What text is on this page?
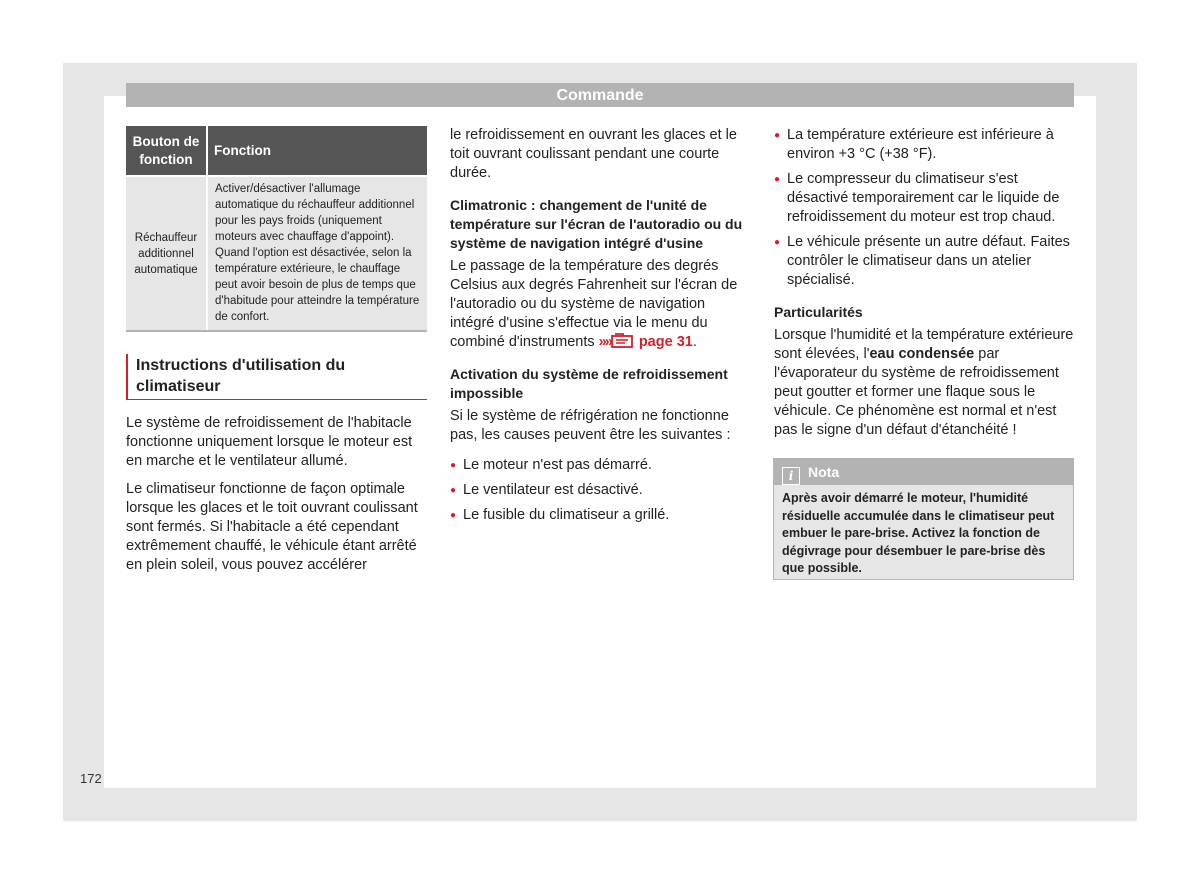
Commande
Bouton de fonction	Fonction
Réchauffeur additionnel automatique	Activer/désactiver l'allumage automatique du réchauffeur additionnel pour les pays froids (uniquement moteurs avec chauffage d'appoint). Quand l'option est désactivée, selon la température extérieure, le chauffage peut avoir besoin de plus de temps que d'habitude pour atteindre la température de confort.
Instructions d'utilisation du climatiseur

Le système de refroidissement de l'habitacle fonctionne uniquement lorsque le moteur est en marche et le ventilateur allumé.

Le climatiseur fonctionne de façon optimale lorsque les glaces et le toit ouvrant coulissant sont fermés. Si l'habitacle a été cependant extrêmement chauffé, le véhicule étant arrêté en plein soleil, vous pouvez accélérer

le refroidissement en ouvrant les glaces et le toit ouvrant coulissant pendant une courte durée.

Climatronic : changement de l'unité de température sur l'écran de l'autoradio ou du système de navigation intégré d'usine

Le passage de la température des degrés Celsius aux degrés Fahrenheit sur l'écran de l'autoradio ou du système de navigation intégré d'usine s'effectue via le menu du combiné d'instruments »» page 31.

Activation du système de refroidissement impossible

Si le système de réfrigération ne fonctionne pas, les causes peuvent être les suivantes :

● Le moteur n'est pas démarré.

● Le ventilateur est désactivé.

● Le fusible du climatiseur a grillé.

● La température extérieure est inférieure à environ +3 °C (+38 °F).

● Le compresseur du climatiseur s'est désactivé temporairement car le liquide de refroidissement du moteur est trop chaud.

● Le véhicule présente un autre défaut. Faites contrôler le climatiseur dans un atelier spécialisé.

Particularités

Lorsque l'humidité et la température extérieure sont élevées, l'eau condensée par l'évaporateur du système de refroidissement peut goutter et former une flaque sous le véhicule. Ce phénomène est normal et n'est pas le signe d'un défaut d'étanchéité !

i Nota
Après avoir démarré le moteur, l'humidité résiduelle accumulée dans le climatiseur peut embuer le pare-brise. Activez la fonction de dégivrage pour désembuer le pare-brise dès que possible.
172
